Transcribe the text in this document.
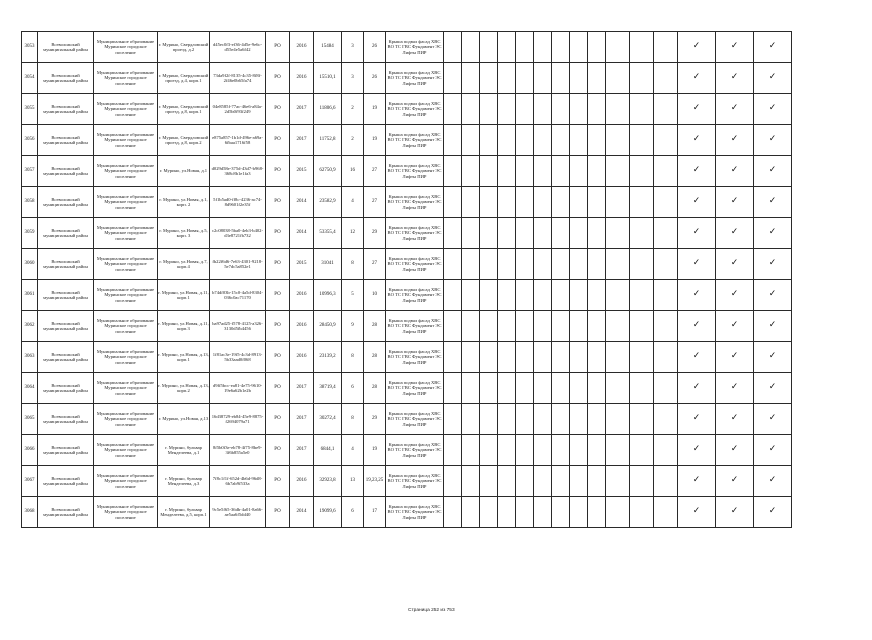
3053	Всеволожский муниципальный район	Муниципальное образование Муринское городское поселение	г. Мурино, Свердловский проезд, д.2	d45ec0f3-ef36-4d5e-9e6c-d55e4e5a6f42	РО	2016	15484	3	26	Крыша подвал фасад ХВС ВО ТС ГВС Фундамент ЭС Лифты ПИР													✓	✓	✓
3054	Всеволожский муниципальный район	Муниципальное образование Муринское городское поселение	г. Мурино, Свердловский проезд, д.4, корп.1	73da9f2f-8135-4c35-8f8f-2f46e0b65fa74	РО	2016	15510,1	3	26	Крыша подвал фасад ХВС ВО ТС ГВС Фундамент ЭС Лифты ПИР													✓	✓	✓
3055	Всеволожский муниципальный район	Муниципальное образование Муринское городское поселение	г. Мурино, Свердловский проезд, д.8, корп.1	04e8585f-77ac-46e6-a84a-2d5b0f93f249	РО	2017	11806,6	2	19	Крыша подвал фасад ХВС ВО ТС ГВС Фундамент ЭС Лифты ПИР													✓	✓	✓
3056	Всеволожский муниципальный район	Муниципальное образование Муринское городское поселение	г. Мурино, Свердловский проезд, д.8, корп.2	e875a857-1b1d-496e-a69a-6fbaa1716f58	РО	2017	11752,8	2	19	Крыша подвал фасад ХВС ВО ТС ГВС Фундамент ЭС Лифты ПИР													✓	✓	✓
3057	Всеволожский муниципальный район	Муниципальное образование Муринское городское поселение	г. Мурино, ул.Новая, д.1	d029d58e-375d-43d7-b968-368c8b1e1fa3	РО	2015	62750,9	16	27	Крыша подвал фасад ХВС ВО ТС ГВС Фундамент ЭС Лифты ПИР													✓	✓	✓
3058	Всеволожский муниципальный район	Муниципальное образование Муринское городское поселение	г. Мурино, ул.Новая, д.1, корп. 2	5f1b5ad0-ff8c-4236-ac74-8d9601f2e35f	РО	2014	23582,9	4	27	Крыша подвал фасад ХВС ВО ТС ГВС Фундамент ЭС Лифты ПИР													✓	✓	✓
3059	Всеволожский муниципальный район	Муниципальное образование Муринское городское поселение	г. Мурино, ул.Новая, д.5, корп. 3	c2c08038-5ba0-4eb3-b402-d3e8721fb732	РО	2014	53355,4	12	29	Крыша подвал фасад ХВС ВО ТС ГВС Фундамент ЭС Лифты ПИР													✓	✓	✓
3060	Всеволожский муниципальный район	Муниципальное образование Муринское городское поселение	г. Мурино, ул.Новая, д.7, корп.4	fb22f6d6-7e63-4301-9218-5e7dc5a852e1	РО	2015	31041	8	27	Крыша подвал фасад ХВС ВО ТС ГВС Фундамент ЭС Лифты ПИР													✓	✓	✓
3061	Всеволожский муниципальный район	Муниципальное образование Муринское городское поселение	г. Мурино, ул.Новая, д.11, корп.1	b74df03b-15c0-4a5d-8304-036c0ac71170	РО	2016	10996,3	5	10	Крыша подвал фасад ХВС ВО ТС ГВС Фундамент ЭС Лифты ПИР													✓	✓	✓
3062	Всеволожский муниципальный район	Муниципальное образование Муринское городское поселение	г. Мурино, ул.Новая, д.11, корп.3	ba97ad25-f578-4125-a326-3130d5fb4456	РО	2016	28450,9	9	28	Крыша подвал фасад ХВС ВО ТС ГВС Фундамент ЭС Лифты ПИР													✓	✓	✓
3063	Всеволожский муниципальный район	Муниципальное образование Муринское городское поселение	г. Мурино, ул.Новая, д.13, корп.1	1f81ac3e-19f5-4c3d-8913-5b33aad0f068	РО	2016	23139,2	8	28	Крыша подвал фасад ХВС ВО ТС ГВС Фундамент ЭС Лифты ПИР													✓	✓	✓
3064	Всеволожский муниципальный район	Муниципальное образование Муринское городское поселение	г. Мурино, ул.Новая, д.13, корп.2	d9ff5bcc-ea81-4e75-9610-19e6a62b1e2b	РО	2017	38719,4	6	28	Крыша подвал фасад ХВС ВО ТС ГВС Фундамент ЭС Лифты ПИР													✓	✓	✓
3065	Всеволожский муниципальный район	Муниципальное образование Муринское городское поселение	г. Мурино, ул.Новая, д.13	16d38729-eb84-45e9-8875-f2694079a71	РО	2017	30272,4	8	29	Крыша подвал фасад ХВС ВО ТС ГВС Фундамент ЭС Лифты ПИР													✓	✓	✓
3066	Всеволожский муниципальный район	Муниципальное образование Муринское городское поселение	г. Мурино, бульвар Менделеева, д.1	8f5b0f3e-eb78-4f75-8be9-3f6b855a5e0	РО	2017	6844,1	4	19	Крыша подвал фасад ХВС ВО ТС ГВС Фундамент ЭС Лифты ПИР													✓	✓	✓
3067	Всеволожский муниципальный район	Муниципальное образование Муринское городское поселение	г. Мурино, бульвар Менделеева, д.3	7f8c1f1f-652d-4b6d-96d8-6b7ab9f533a	РО	2016	32923,8	13	19,23,25	Крыша подвал фасад ХВС ВО ТС ГВС Фундамент ЭС Лифты ПИР													✓	✓	✓
3068	Всеволожский муниципальный район	Муниципальное образование Муринское городское поселение	г. Мурино, бульвар Менделеева, д.5, корп.1	9c5e5f65-36db-4a01-8a66-ae5aa6f5dd40	РО	2014	19099,6	6	17	Крыша подвал фасад ХВС ВО ТС ГВС Фундамент ЭС Лифты ПИР													✓	✓	✓
Страница 252 из 753
